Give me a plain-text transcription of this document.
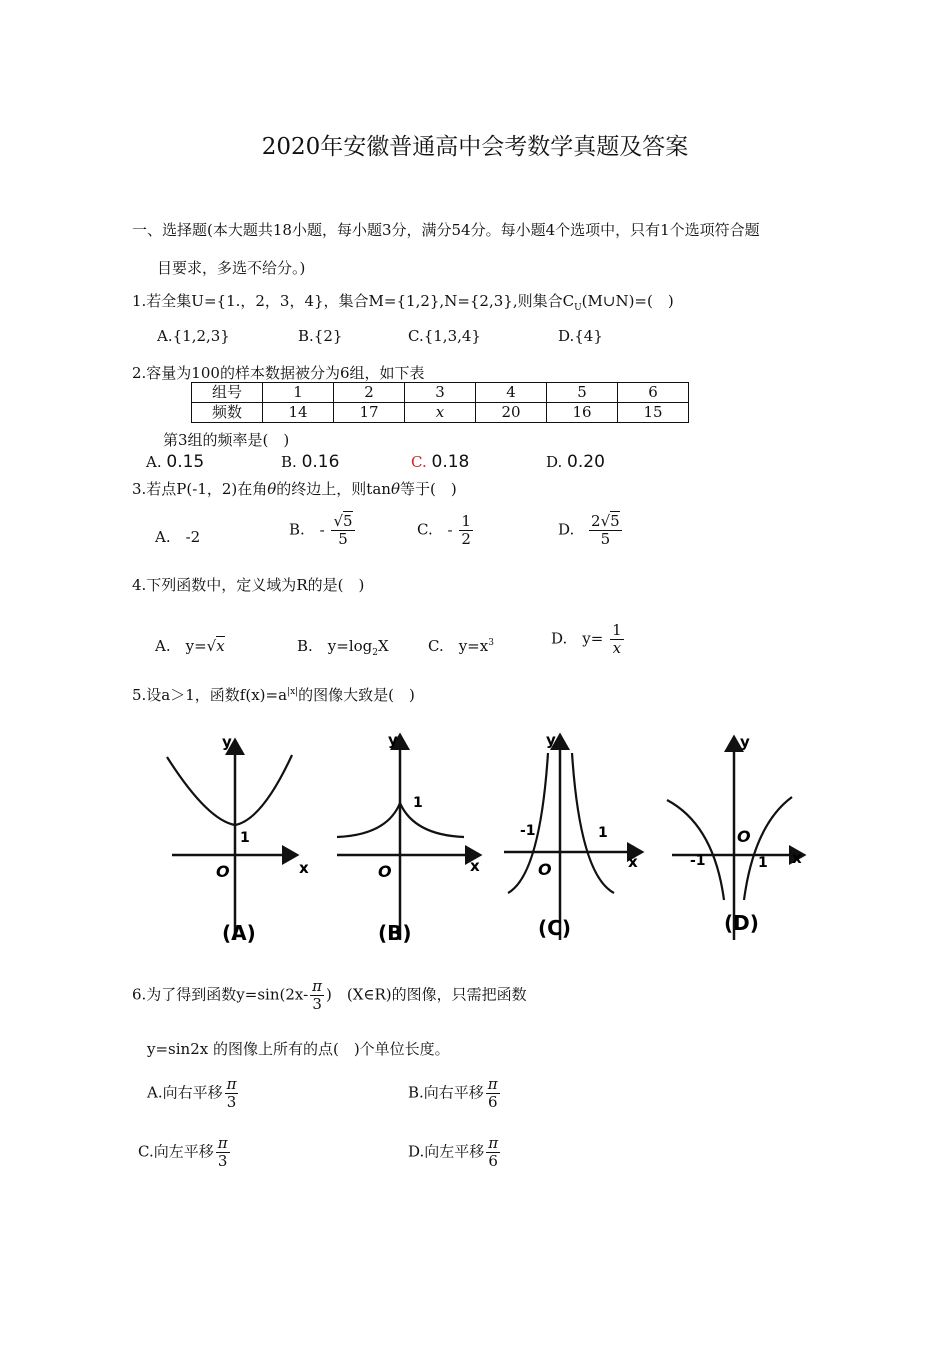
2020年安徽普通高中会考数学真题及答案
一、选择题(本大题共18小题，每小题3分，满分54分。每小题4个选项中，只有1个选项符合题
目要求，多选不给分。)
1.若全集U={1.，2，3，4}，集合M={1,2},N={2,3},则集合$C_U(M\cup N)=$(　)
A.{1,2,3}	B.{2}	C.{1,3,4}	D.{4}
2.容量为100的样本数据被分为6组，如下表
组号	1	2	3	4	5	6
频数	14	17	x	20	16	15
第3组的频率是(　)
A. 0.15	B. 0.16	C. 0.18	D. 0.20
3.若点P(-1，2)在角θ的终边上，则tanθ等于(　)
A.　-2	B. - $\frac{√5}{5}$	C. - $\frac{1}{2}$	D. $\frac{2√5}{5}$
4.下列函数中，定义域为R的是(　)
A.　y=√x	B.　$y=\log_2X$	C.　$y=x^3$	D.　$y= \frac{1}{x}$
5.设a＞1，函数$f(x)=a^{|x|}$的图像大致是(　)
y
x
O
1
(A)
y
x
O
1
(B)
y
x
O
-1	1
(C)
y
x
O
-1	1
(D)
6.为了得到函数$y=\sin(2x- \frac{\pi}{3}$ )　(X∈R)的图像，只需把函数
y=sin2x 的图像上所有的点(　)个单位长度。
A.向右平移 $\frac{\pi}{3}$	B.向右平移 $\frac{\pi}{6}$
C.向左平移 $\frac{\pi}{3}$	D.向左平移 $\frac{\pi}{6}$
